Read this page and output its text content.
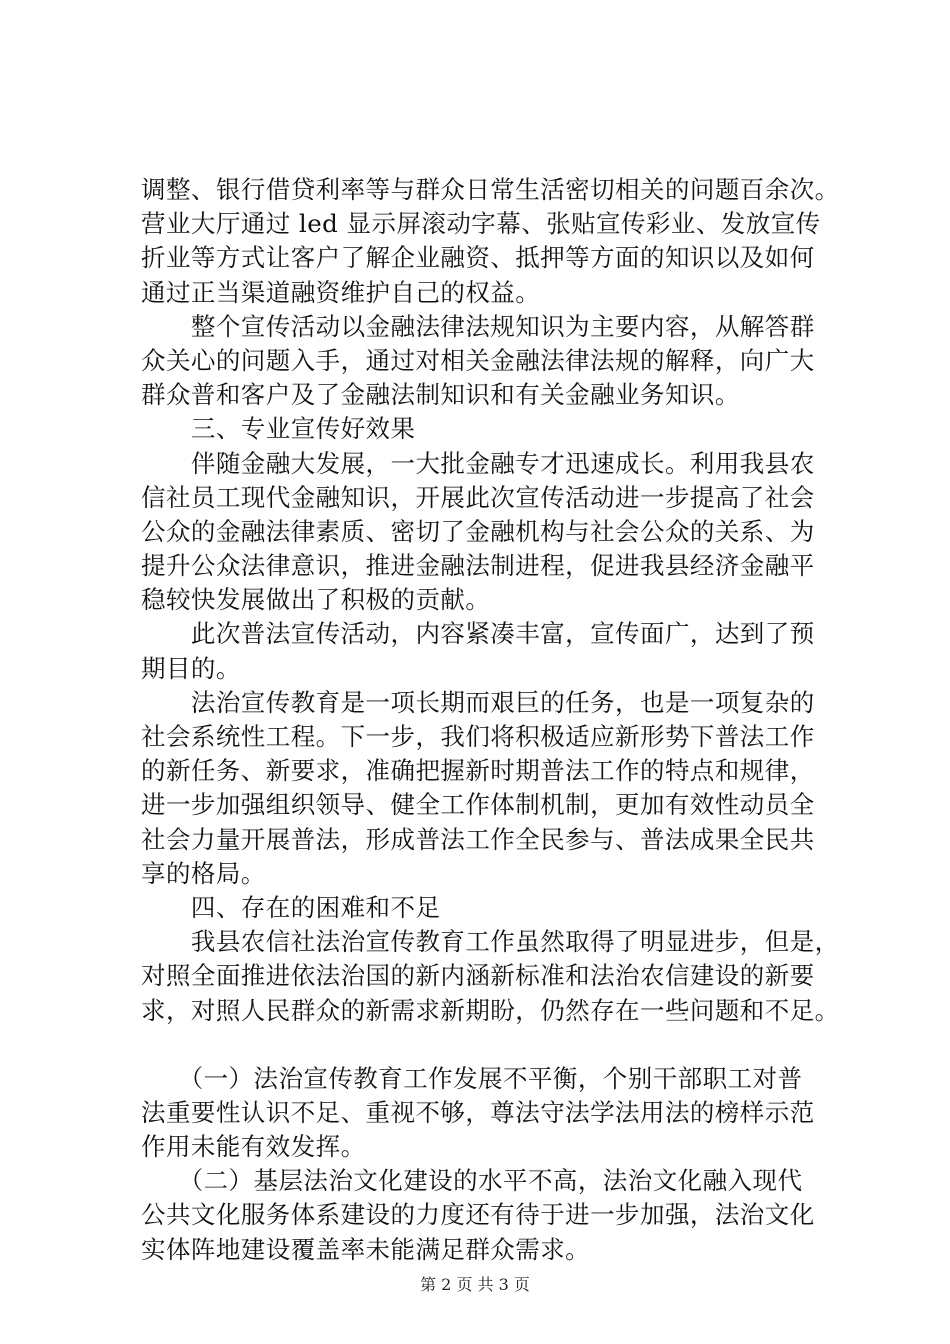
调整、银行借贷利率等与群众日常生活密切相关的问题百余次。
营业大厅通过 led 显示屏滚动字幕、张贴宣传彩业、发放宣传
折业等方式让客户了解企业融资、抵押等方面的知识以及如何
通过正当渠道融资维护自己的权益。
　　整个宣传活动以金融法律法规知识为主要内容，从解答群
众关心的问题入手，通过对相关金融法律法规的解释，向广大
群众普和客户及了金融法制知识和有关金融业务知识。
　　三、专业宣传好效果
　　伴随金融大发展，一大批金融专才迅速成长。利用我县农
信社员工现代金融知识，开展此次宣传活动进一步提高了社会
公众的金融法律素质、密切了金融机构与社会公众的关系、为
提升公众法律意识，推进金融法制进程，促进我县经济金融平
稳较快发展做出了积极的贡献。
　　此次普法宣传活动，内容紧凑丰富，宣传面广，达到了预
期目的。
　　法治宣传教育是一项长期而艰巨的任务，也是一项复杂的
社会系统性工程。下一步，我们将积极适应新形势下普法工作
的新任务、新要求，准确把握新时期普法工作的特点和规律，
进一步加强组织领导、健全工作体制机制，更加有效性动员全
社会力量开展普法，形成普法工作全民参与、普法成果全民共
享的格局。
　　四、存在的困难和不足
　　我县农信社法治宣传教育工作虽然取得了明显进步，但是，
对照全面推进依法治国的新内涵新标准和法治农信建设的新要
求，对照人民群众的新需求新期盼，仍然存在一些问题和不足。
　　（一）法治宣传教育工作发展不平衡，个别干部职工对普
法重要性认识不足、重视不够，尊法守法学法用法的榜样示范
作用未能有效发挥。
　　（二）基层法治文化建设的水平不高，法治文化融入现代
公共文化服务体系建设的力度还有待于进一步加强，法治文化
实体阵地建设覆盖率未能满足群众需求。
第 2 页 共 3 页
